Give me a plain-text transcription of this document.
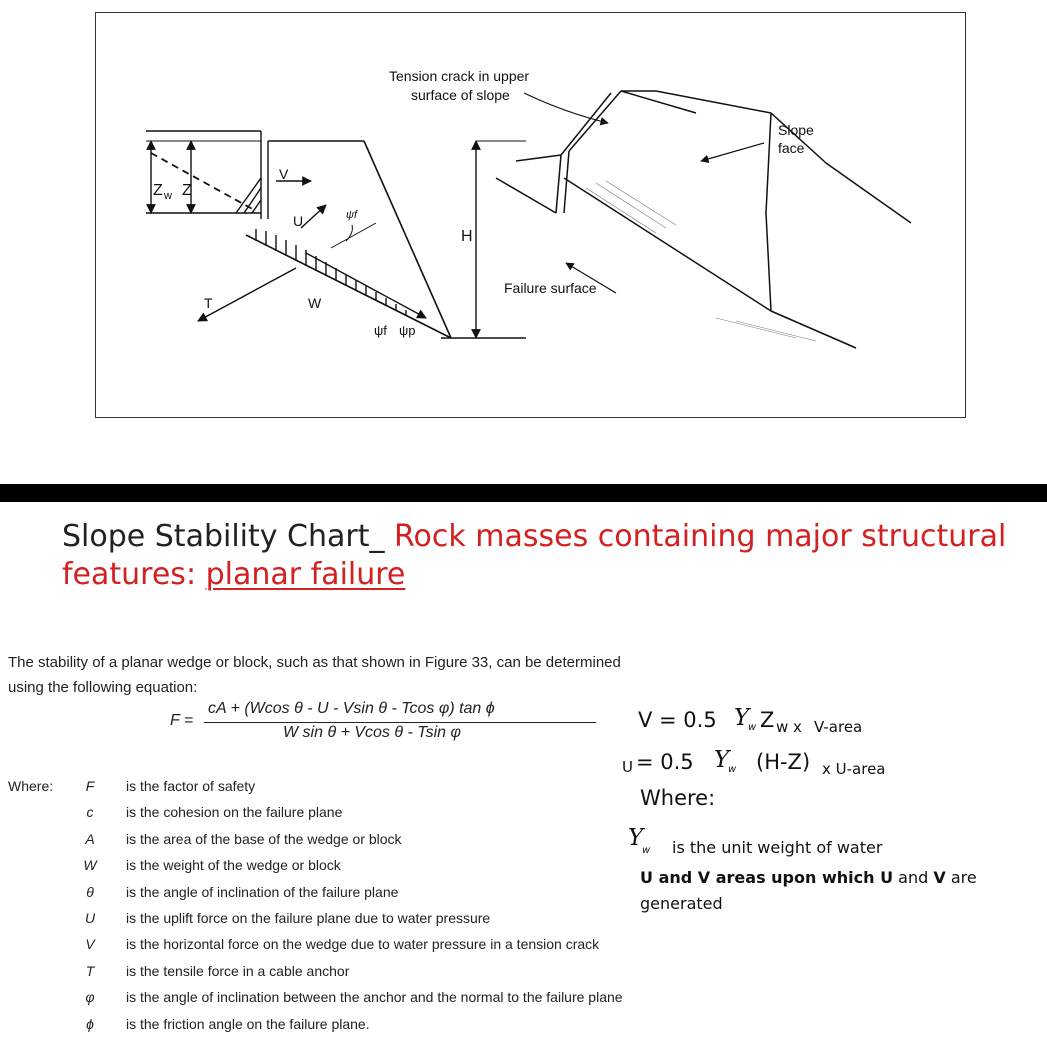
Tension crack in upper
surface of slope
Slope
face
Failure surface
Z w Z
V
U
T	W
H
ψf
ψf ψp
Slope Stability Chart_ Rock masses containing major structural features: planar failure
The stability of a planar wedge or block, such as that shown in Figure 33, can be determined
using the following equation:
F =
cA + (Wcos θ - U - Vsin θ - Tcos φ) tan ϕ
W sin θ + Vcos θ - Tsin φ
Where:	F	is the factor of safety
c	is the cohesion on the failure plane
A	is the area of the base of the wedge or block
W is the weight of the wedge or block
θ	is the angle of inclination of the failure plane
U	is the uplift force on the failure plane due to water pressure
V	is the horizontal force on the wedge due to water pressure in a tension crack
T	is the tensile force in a cable anchor
φ	is the angle of inclination between the anchor and the normal to the failure plane
ϕ	is the friction angle on the failure plane.
V = 0.5 Y
w Z w x V-area
U = 0.5 Y
w (H-Z) x U-area
Where:
Y
w is the unit weight of water
U and V areas upon which U and V are
generated
